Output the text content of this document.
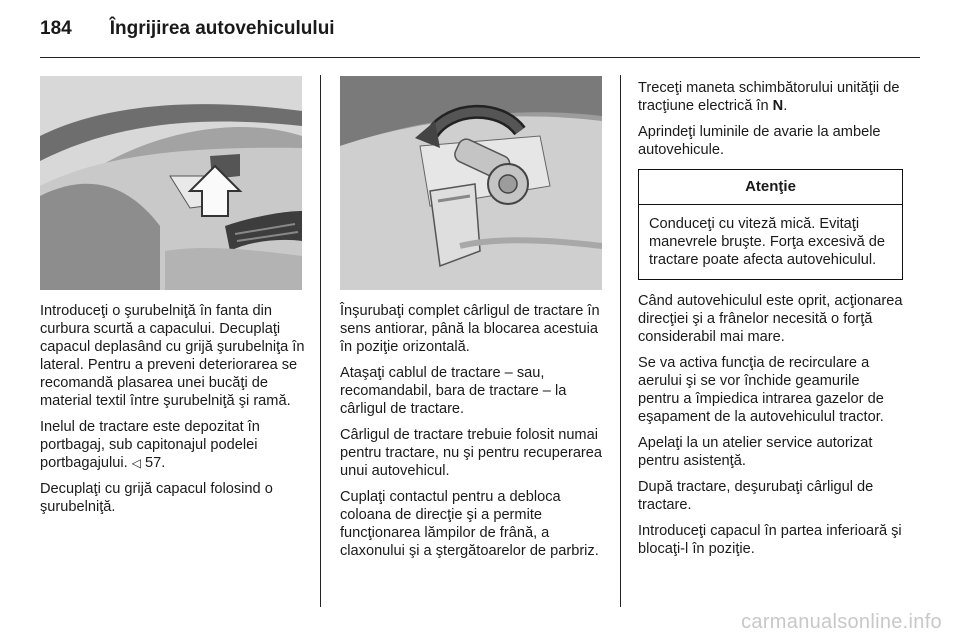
184 Îngrijirea autovehiculului

Introduceţi o şurubelniţă în fanta din curbura scurtă a capacului. Decuplaţi capacul deplasând cu grijă şurubelniţa în lateral. Pentru a preveni deteriorarea se recomandă plasarea unei bucăţi de material textil între şurubelniţă şi ramă.

Inelul de tractare este depozitat în portbagaj, sub capitonajul podelei portbagajului. ◁ 57.

Decuplaţi cu grijă capacul folosind o şurubelniţă.

Înşurubaţi complet cârligul de tractare în sens antiorar, până la blocarea acestuia în poziţie orizontală.

Ataşaţi cablul de tractare – sau, recomandabil, bara de tractare – la cârligul de tractare.

Cârligul de tractare trebuie folosit numai pentru tractare, nu şi pentru recuperarea unui autovehicul.

Cuplaţi contactul pentru a debloca coloana de direcţie şi a permite funcţionarea lămpilor de frână, a claxonului şi a ştergătoarelor de parbriz.

Treceţi maneta schimbătorului unităţii de tracţiune electrică în N.

Aprindeţi luminile de avarie la ambele autovehicule.

Atenţie
Conduceţi cu viteză mică. Evitaţi manevrele bruşte. Forţa excesivă de tractare poate afecta autovehiculul.

Când autovehiculul este oprit, acţionarea direcţiei şi a frânelor necesită o forţă considerabil mai mare.

Se va activa funcţia de recirculare a aerului şi se vor închide geamurile pentru a împiedica intrarea gazelor de eşapament de la autovehiculul tractor.

Apelaţi la un atelier service autorizat pentru asistenţă.

După tractare, deşurubaţi cârligul de tractare.

Introduceţi capacul în partea inferioară şi blocaţi-l în poziţie.

carmanualsonline.info
